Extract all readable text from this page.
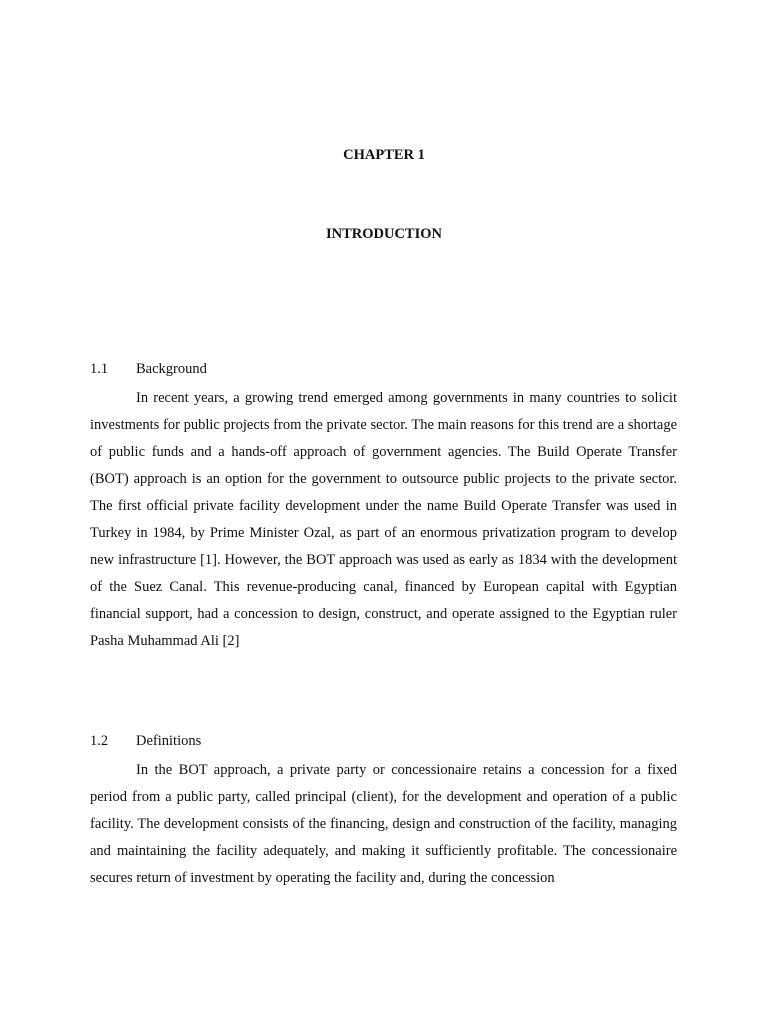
CHAPTER 1
INTRODUCTION
1.1 Background

In recent years, a growing trend emerged among governments in many countries to solicit investments for public projects from the private sector. The main reasons for this trend are a shortage of public funds and a hands-off approach of government agencies. The Build Operate Transfer (BOT) approach is an option for the government to outsource public projects to the private sector. The first official private facility development under the name Build Operate Transfer was used in Turkey in 1984, by Prime Minister Ozal, as part of an enormous privatization program to develop new infrastructure [1]. However, the BOT approach was used as early as 1834 with the development of the Suez Canal. This revenue-producing canal, financed by European capital with Egyptian financial support, had a concession to design, construct, and operate assigned to the Egyptian ruler Pasha Muhammad Ali [2]

1.2 Definitions

In the BOT approach, a private party or concessionaire retains a concession for a fixed period from a public party, called principal (client), for the development and operation of a public facility. The development consists of the financing, design and construction of the facility, managing and maintaining the facility adequately, and making it sufficiently profitable. The concessionaire secures return of investment by operating the facility and, during the concession
